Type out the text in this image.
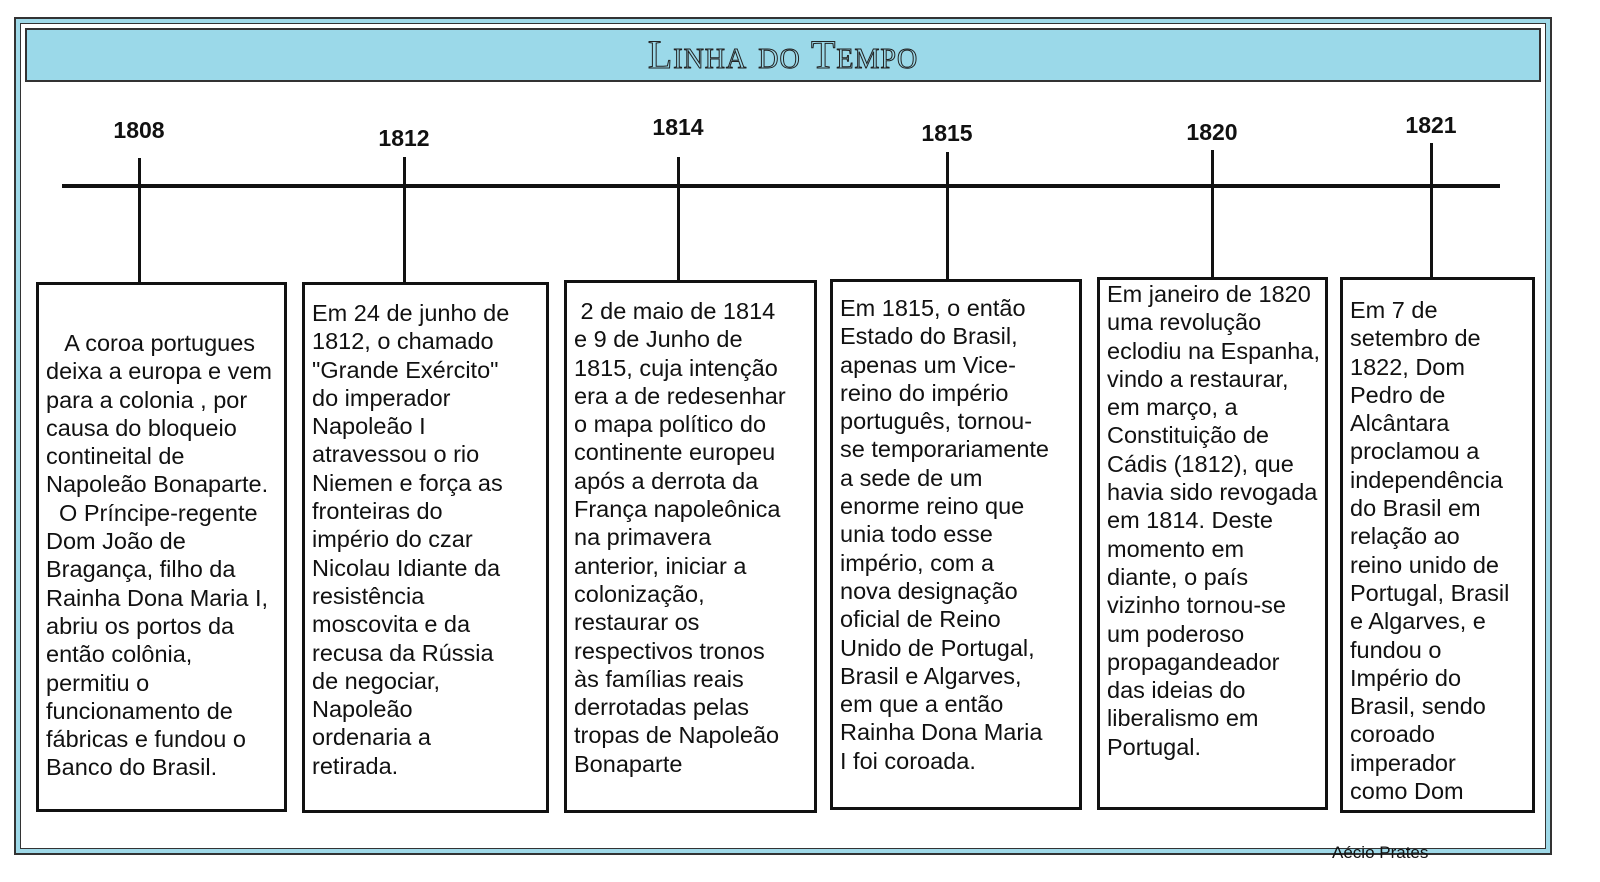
Linha do Tempo
1808
A coroa portugues
deixa a europa e vem
para a colonia , por
causa do bloqueio
contineital de
Napoleão Bonaparte.
O Príncipe-regente
Dom João de
Bragança, filho da
Rainha Dona Maria I,
abriu os portos da
então colônia,
permitiu o
funcionamento de
fábricas e fundou o
Banco do Brasil.
1812
Em 24 de junho de
1812, o chamado
"Grande Exército"
do imperador
Napoleão I
atravessou o rio
Niemen e força as
fronteiras do
império do czar
Nicolau Idiante da
resistência
moscovita e da
recusa da Rússia
de negociar,
Napoleão
ordenaria a
retirada.
1814
2 de maio de 1814
e 9 de Junho de
1815, cuja intenção
era a de redesenhar
o mapa político do
continente europeu
após a derrota da
França napoleônica
na primavera
anterior, iniciar a
colonização,
restaurar os
respectivos tronos
às famílias reais
derrotadas pelas
tropas de Napoleão
Bonaparte
1815
Em 1815, o então
Estado do Brasil,
apenas um Vice-
reino do império
português, tornou-
se temporariamente
a sede de um
enorme reino que
unia todo esse
império, com a
nova designação
oficial de Reino
Unido de Portugal,
Brasil e Algarves,
em que a então
Rainha Dona Maria
I foi coroada.
1820
Em janeiro de 1820
uma revolução
eclodiu na Espanha,
vindo a restaurar,
em março, a
Constituição de
Cádis (1812), que
havia sido revogada
em 1814. Deste
momento em
diante, o país
vizinho tornou-se
um poderoso
propagandeador
das ideias do
liberalismo em
Portugal.
1821
Em 7 de
setembro de
1822, Dom
Pedro de
Alcântara
proclamou a
independência
do Brasil em
relação ao
reino unido de
Portugal, Brasil
e Algarves, e
fundou o
Império do
Brasil, sendo
coroado
imperador
como Dom
Aécio Prates
